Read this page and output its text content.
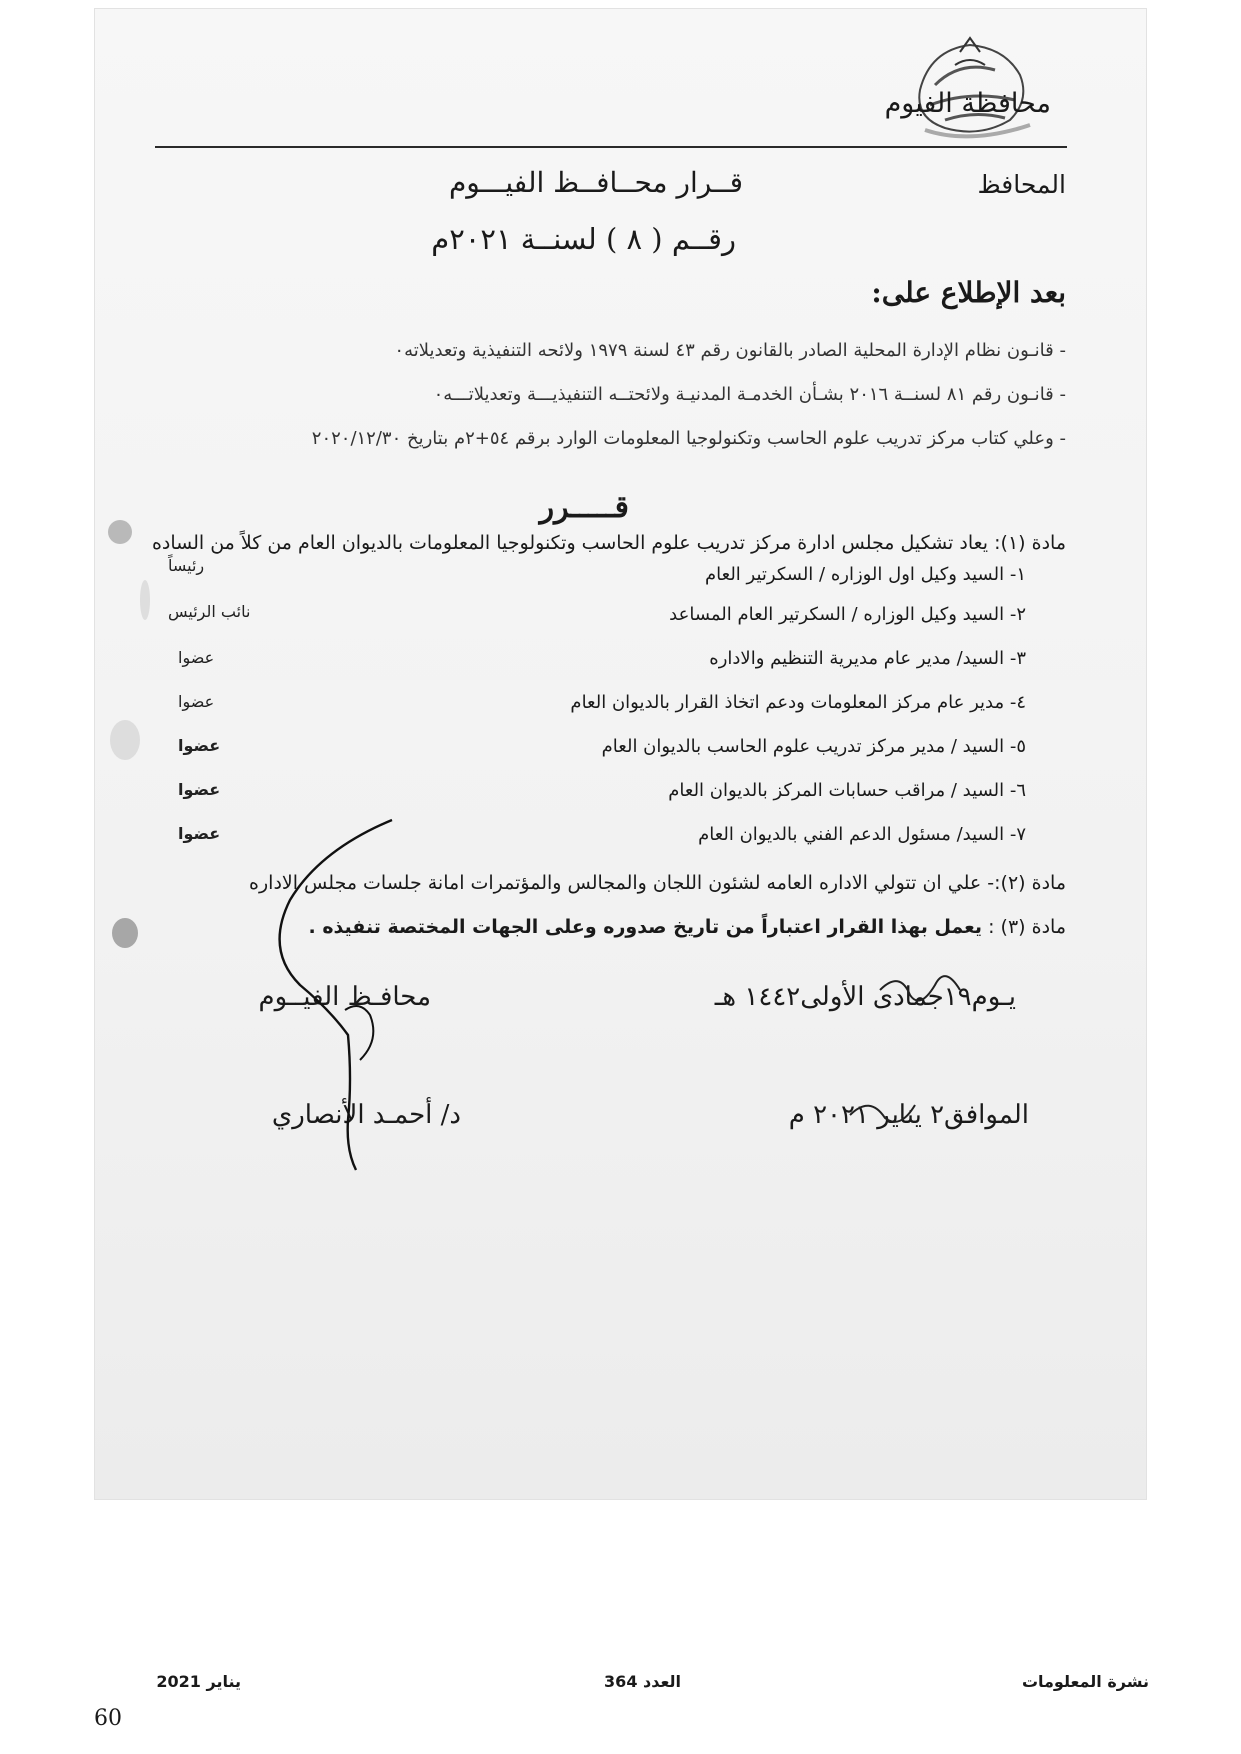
محافظة الفيوم
المحافظ
قــرار محــافــظ الفيـــوم
رقــم ( ٨ ) لسنــة ٢٠٢١م
بعد الإطلاع على:
- قانـون نظام الإدارة المحلية الصادر بالقانون رقم ٤٣ لسنة ١٩٧٩ ولائحه التنفيذية وتعديلاته٠
- قانـون رقم ٨١ لسنــة ٢٠١٦ بشـأن الخدمـة المدنيـة ولائحتــه التنفيذيـــة وتعديلاتـــه٠
- وعلي كتاب مركز تدريب علوم الحاسب وتكنولوجيا المعلومات الوارد برقم ٥٤+٢م بتاريخ ٢٠٢٠/١٢/٣٠
قـــــرر
مادة (١): يعاد تشكيل مجلس ادارة مركز تدريب علوم الحاسب وتكنولوجيا المعلومات بالديوان العام من كلاً من الساده
١- السيد وكيل اول الوزاره / السكرتير العام
رئيساً
٢- السيد وكيل الوزاره / السكرتير العام المساعد
نائب الرئيس
٣- السيد/ مدير عام مديرية التنظيم والاداره
عضوا
٤- مدير عام مركز المعلومات ودعم اتخاذ القرار بالديوان العام
عضوا
٥- السيد / مدير مركز تدريب علوم الحاسب بالديوان العام
عضوا
٦- السيد / مراقب حسابات المركز بالديوان العام
عضوا
٧- السيد/ مسئول الدعم الفني بالديوان العام
عضوا
مادة (٢):- علي ان تتولي الاداره العامه لشئون اللجان والمجالس والمؤتمرات امانة جلسات مجلس الاداره
مادة (٣) : يعمل بهذا القرار اعتباراً من تاريخ صدوره وعلى الجهات المختصة تنفيذه .
يـوم١٩جمادى الأولى١٤٤٢ هـ
محافـظ الفيــوم
الموافق٢ يناير ٢٠٢١ م
د/ أحمـد الأنصاري
نشرة المعلومات
العدد 364
يناير 2021
60
